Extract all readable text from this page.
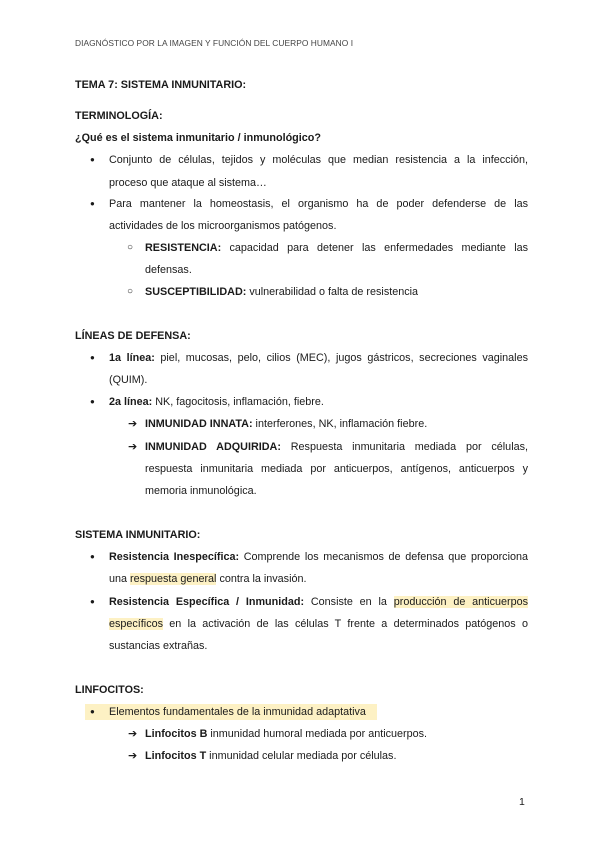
DIAGNÓSTICO POR LA IMAGEN Y FUNCIÓN DEL CUERPO HUMANO I
TEMA 7: SISTEMA INMUNITARIO:
TERMINOLOGÍA:
¿Qué es el sistema inmunitario / inmunológico?
● Conjunto de células, tejidos y moléculas que median resistencia a la infección,
proceso que ataque al sistema…
● Para mantener la homeostasis, el organismo ha de poder defenderse de las
actividades de los microorganismos patógenos.
○ RESISTENCIA: capacidad para detener las enfermedades mediante las
defensas.
○ SUSCEPTIBILIDAD: vulnerabilidad o falta de resistencia
LÍNEAS DE DEFENSA:
● 1a línea: piel, mucosas, pelo, cilios (MEC), jugos gástricos, secreciones vaginales
(QUIM).
● 2a línea: NK, fagocitosis, inflamación, fiebre.
➔ INMUNIDAD INNATA: interferones, NK, inflamación fiebre.
➔ INMUNIDAD ADQUIRIDA: Respuesta inmunitaria mediada por células,
respuesta inmunitaria mediada por anticuerpos, antígenos, anticuerpos y
memoria inmunológica.
SISTEMA INMUNITARIO:
● Resistencia Inespecífica: Comprende los mecanismos de defensa que proporciona
una respuesta general contra la invasión.
● Resistencia Específica / Inmunidad: Consiste en la producción de anticuerpos
específicos en la activación de las células T frente a determinados patógenos o
sustancias extrañas.
LINFOCITOS:
● Elementos fundamentales de la inmunidad adaptativa
➔ Linfocitos B inmunidad humoral mediada por anticuerpos.
➔ Linfocitos T inmunidad celular mediada por células.
1
